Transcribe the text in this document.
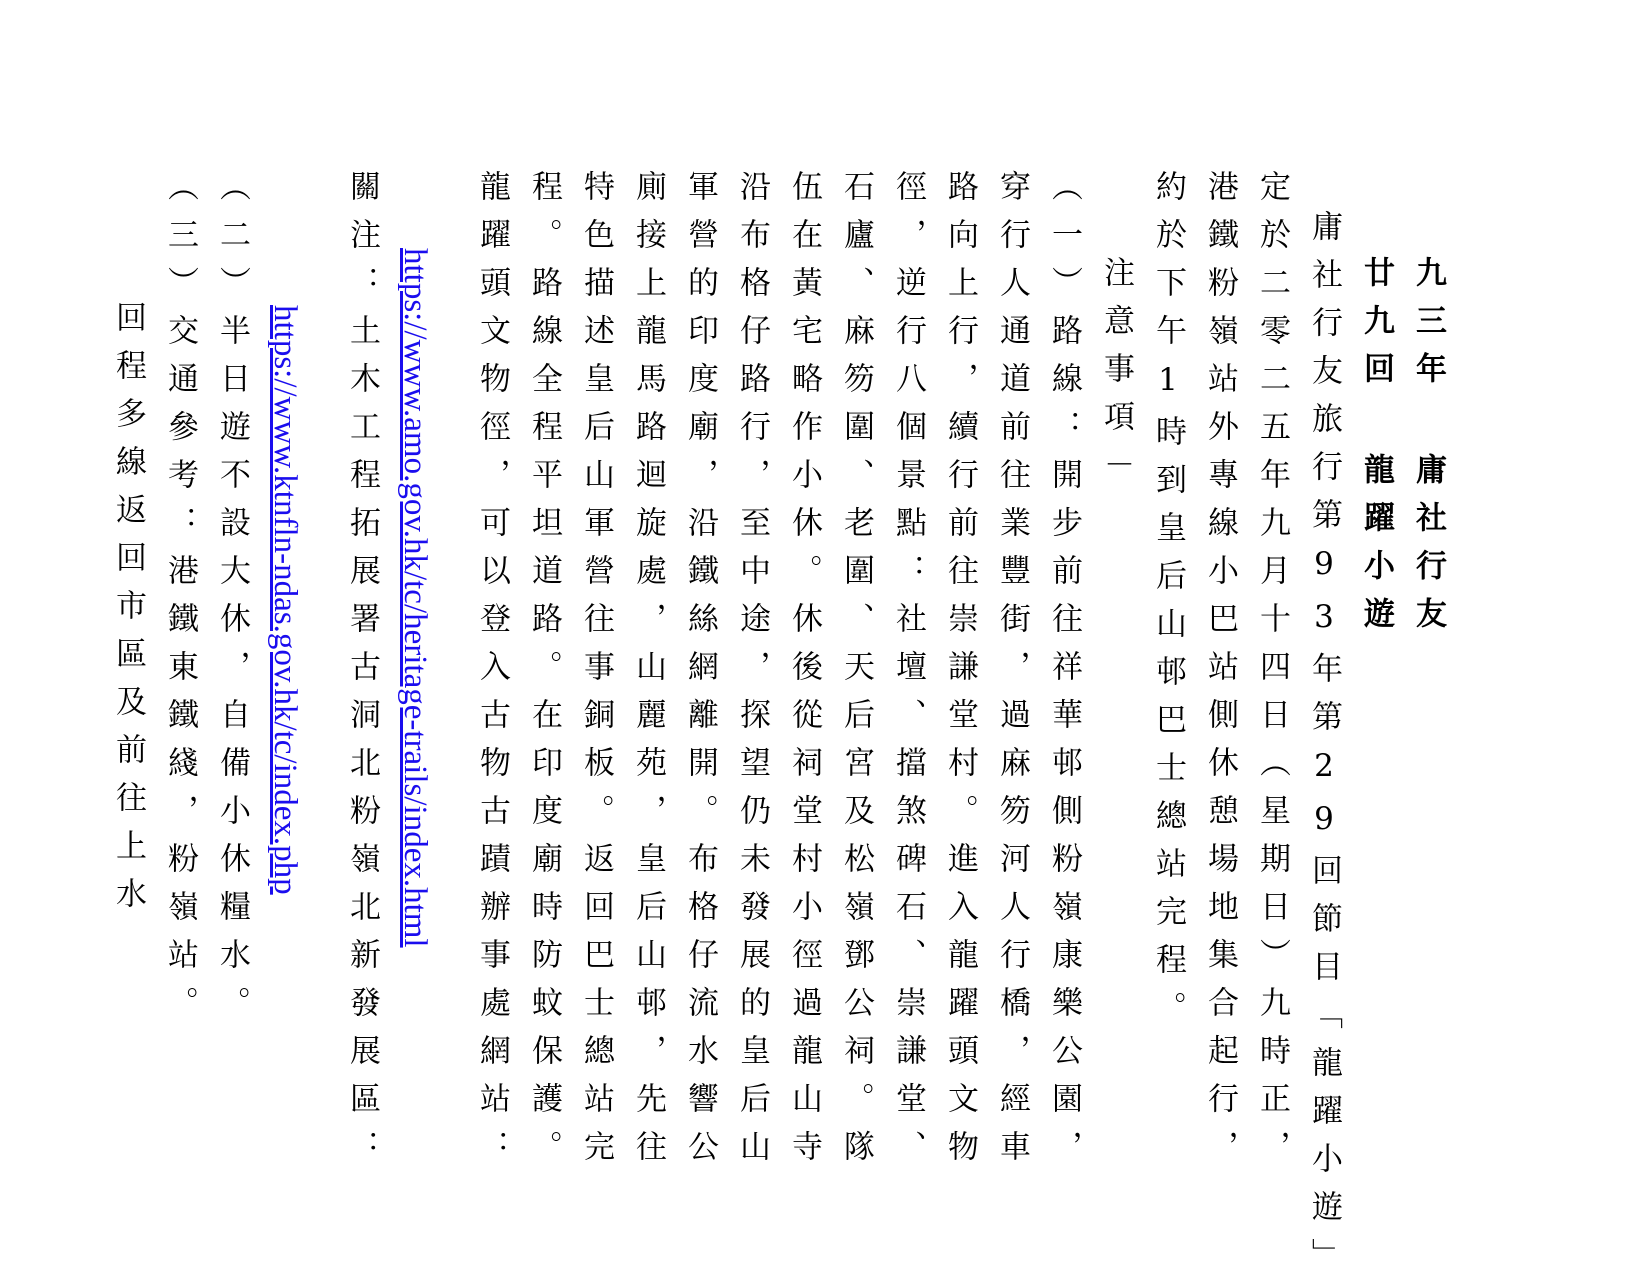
九三年 庸社行友
廿九回 龍躍小遊
庸社行友旅行第93年第29回節目「龍躍小遊」
定於二零二五年九月十四日（星期日）九時正，
港鐵粉嶺站外專線小巴站側休憩場地集合起行，
約於下午1時到皇后山邨巴士總站完程。
注意事項－
（一）路線：開步前往祥華邨側粉嶺康樂公園，
穿行人通道前往業豐街，過麻笏河人行橋，經車
路向上行，續行前往崇謙堂村。進入龍躍頭文物
徑，逆行八個景點：社壇、擋煞碑石、崇謙堂、
石廬、麻笏圍、老圍、天后宮及松嶺鄧公祠。隊
伍在黃宅略作小休。休後從祠堂村小徑過龍山寺
沿布格仔路行，至中途，探望仍未發展的皇后山
軍營的印度廟，沿鐵絲網離開。布格仔流水響公
廁接上龍馬路迴旋處，山麗苑，皇后山邨，先往
特色描述皇后山軍營往事銅板。返回巴士總站完
程。路線全程平坦道路。在印度廟時防蚊保護。
龍躍頭文物徑，可以登入古物古蹟辦事處網站：
https://www.amo.gov.hk/tc/heritage-trails/index.html
關注：土木工程拓展署古洞北粉嶺北新發展區：
https://www.ktnfln-ndas.gov.hk/tc/index.php
（二）半日遊不設大休，自備小休糧水。
（三）交通參考：港鐵東鐵綫，粉嶺站。
回程多線返回市區及前往上水
